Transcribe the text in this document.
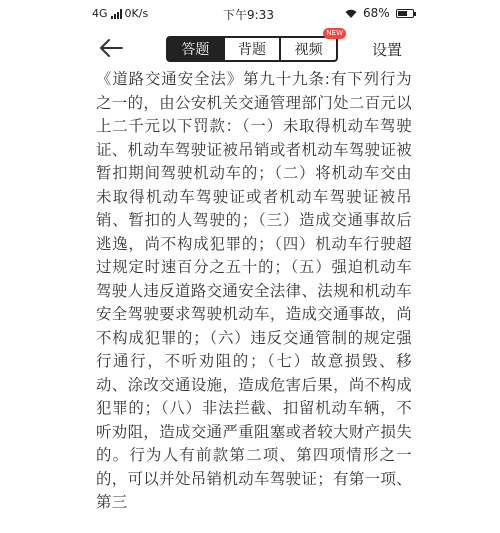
4G 0K/s	下午9:33	68%
答题 背题 视频
NEW
设置
《道路交通安全法》第九十九条:有下列行为之一的，由公安机关交通管理部门处二百元以上二千元以下罚款：（一）未取得机动车驾驶证、机动车驾驶证被吊销或者机动车驾驶证被暂扣期间驾驶机动车的；（二）将机动车交由未取得机动车驾驶证或者机动车驾驶证被吊销、暂扣的人驾驶的；（三）造成交通事故后逃逸，尚不构成犯罪的；（四）机动车行驶超过规定时速百分之五十的；（五）强迫机动车驾驶人违反道路交通安全法律、法规和机动车安全驾驶要求驾驶机动车，造成交通事故，尚不构成犯罪的；（六）违反交通管制的规定强行通行，不听劝阻的；（七）故意损毁、移动、涂改交通设施，造成危害后果，尚不构成犯罪的；（八）非法拦截、扣留机动车辆，不听劝阻，造成交通严重阻塞或者较大财产损失的。行为人有前款第二项、第四项情形之一的，可以并处吊销机动车驾驶证；有第一项、第三
